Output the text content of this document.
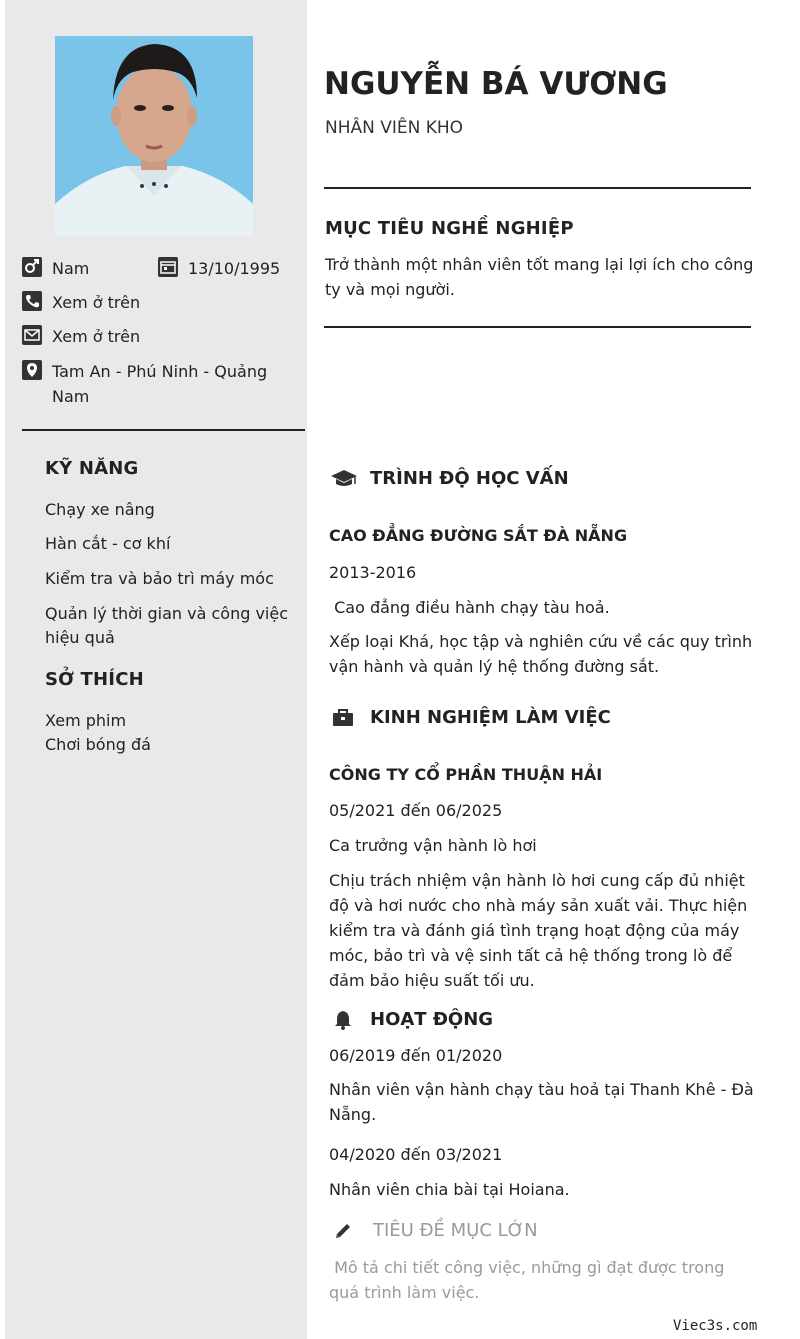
Nam	13/10/1995
Xem ở trên
Xem ở trên
Tam An - Phú Ninh - Quảng Nam
KỸ NĂNG
Chạy xe nâng
Hàn cắt - cơ khí
Kiểm tra và bảo trì máy móc
Quản lý thời gian và công việc hiệu quả
SỞ THÍCH
Xem phim
Chơi bóng đá
NGUYỄN BÁ VƯƠNG
NHÂN VIÊN KHO
MỤC TIÊU NGHỀ NGHIỆP
Trở thành một nhân viên tốt mang lại lợi ích cho công ty và mọi người.
TRÌNH ĐỘ HỌC VẤN
CAO ĐẲNG ĐƯỜNG SẮT ĐÀ NẴNG
2013-2016
Cao đẳng điều hành chạy tàu hoả.
Xếp loại Khá, học tập và nghiên cứu về các quy trình vận hành và quản lý hệ thống đường sắt.
KINH NGHIỆM LÀM VIỆC
CÔNG TY CỔ PHẦN THUẬN HẢI
05/2021 đến 06/2025
Ca trưởng vận hành lò hơi
Chịu trách nhiệm vận hành lò hơi cung cấp đủ nhiệt độ và hơi nước cho nhà máy sản xuất vải. Thực hiện kiểm tra và đánh giá tình trạng hoạt động của máy móc, bảo trì và vệ sinh tất cả hệ thống trong lò để đảm bảo hiệu suất tối ưu.
HOẠT ĐỘNG
06/2019 đến 01/2020
Nhân viên vận hành chạy tàu hoả tại Thanh Khê - Đà Nẵng.
04/2020 đến 03/2021
Nhân viên chia bài tại Hoiana.
TIÊU ĐỀ MỤC LỚN
Mô tả chi tiết công việc, những gì đạt được trong quá trình làm việc.
Viec3s.com
